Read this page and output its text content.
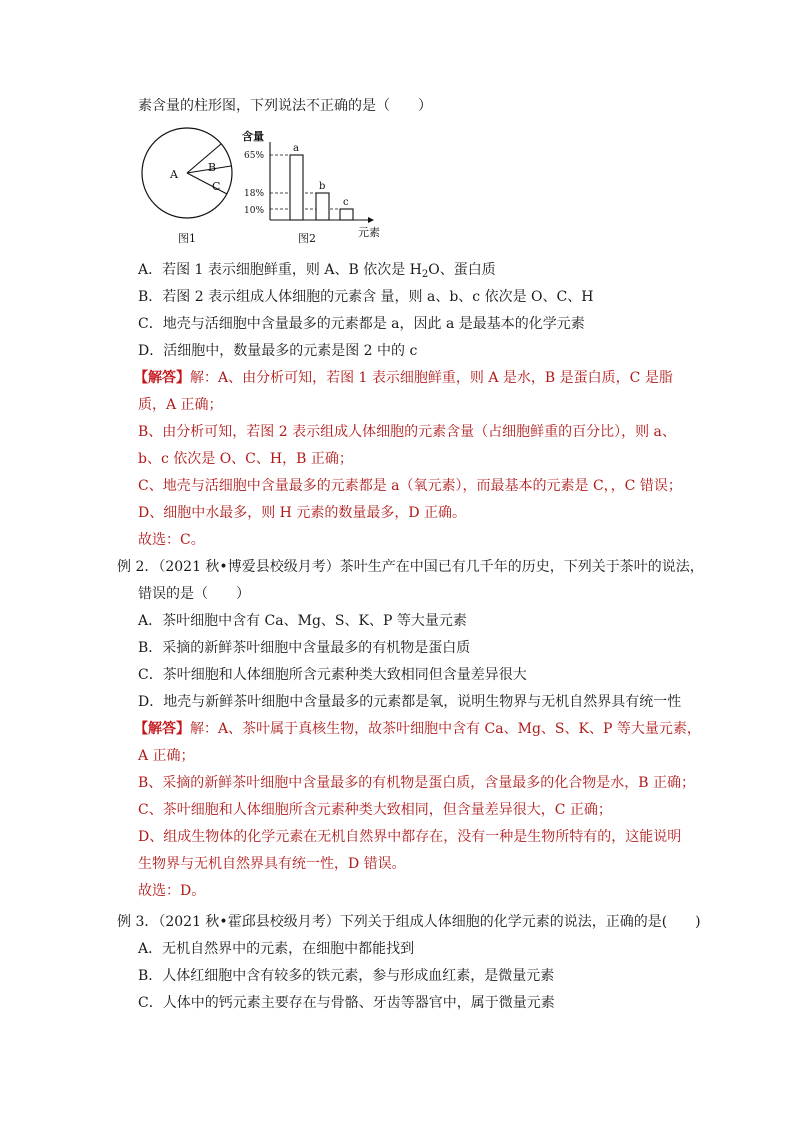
素含量的柱形图，下列说法不正确的是（　　）
A
B
C
图1
含量
65%
18%
10%
a
b
c
元素
图2
A．若图 1 表示细胞鲜重，则 A、B 依次是 $H_2O$、蛋白质
B．若图 2 表示组成人体细胞的元素含 量，则 a、b、c 依次是 O、C、H
C．地壳与活细胞中含量最多的元素都是 a，因此 a 是最基本的化学元素
D．活细胞中，数量最多的元素是图 2 中的 c
【解答】解：A、由分析可知，若图 1 表示细胞鲜重，则 A 是水，B 是蛋白质，C 是脂
质，A 正确；
B、由分析可知，若图 2 表示组成人体细胞的元素含量（占细胞鲜重的百分比），则 a、
b、c 依次是 O、C、H，B 正确；
C、地壳与活细胞中含量最多的元素都是 a（氧元素），而最基本的元素是 C，，C 错误；
D、细胞中水最多，则 H 元素的数量最多，D 正确。
故选：C。
例 2．（2021 秋•博爱县校级月考）茶叶生产在中国已有几千年的历史，下列关于茶叶的说法，
错误的是（　　）
A．茶叶细胞中含有 Ca、Mg、S、K、P 等大量元素
B．采摘的新鲜茶叶细胞中含量最多的有机物是蛋白质
C．茶叶细胞和人体细胞所含元素种类大致相同但含量差异很大
D．地壳与新鲜茶叶细胞中含量最多的元素都是氧，说明生物界与无机自然界具有统一性
【解答】解：A、茶叶属于真核生物，故茶叶细胞中含有 Ca、Mg、S、K、P 等大量元素，
A 正确；
B、采摘的新鲜茶叶细胞中含量最多的有机物是蛋白质，含量最多的化合物是水，B 正确；
C、茶叶细胞和人体细胞所含元素种类大致相同，但含量差异很大，C 正确；
D、组成生物体的化学元素在无机自然界中都存在，没有一种是生物所特有的，这能说明
生物界与无机自然界具有统一性，D 错误。
故选：D。
例 3．（2021 秋•霍邱县校级月考）下列关于组成人体细胞的化学元素的说法，正确的是(　　)
A．无机自然界中的元素，在细胞中都能找到
B．人体红细胞中含有较多的铁元素，参与形成血红素，是微量元素
C．人体中的钙元素主要存在与骨骼、牙齿等器官中，属于微量元素
